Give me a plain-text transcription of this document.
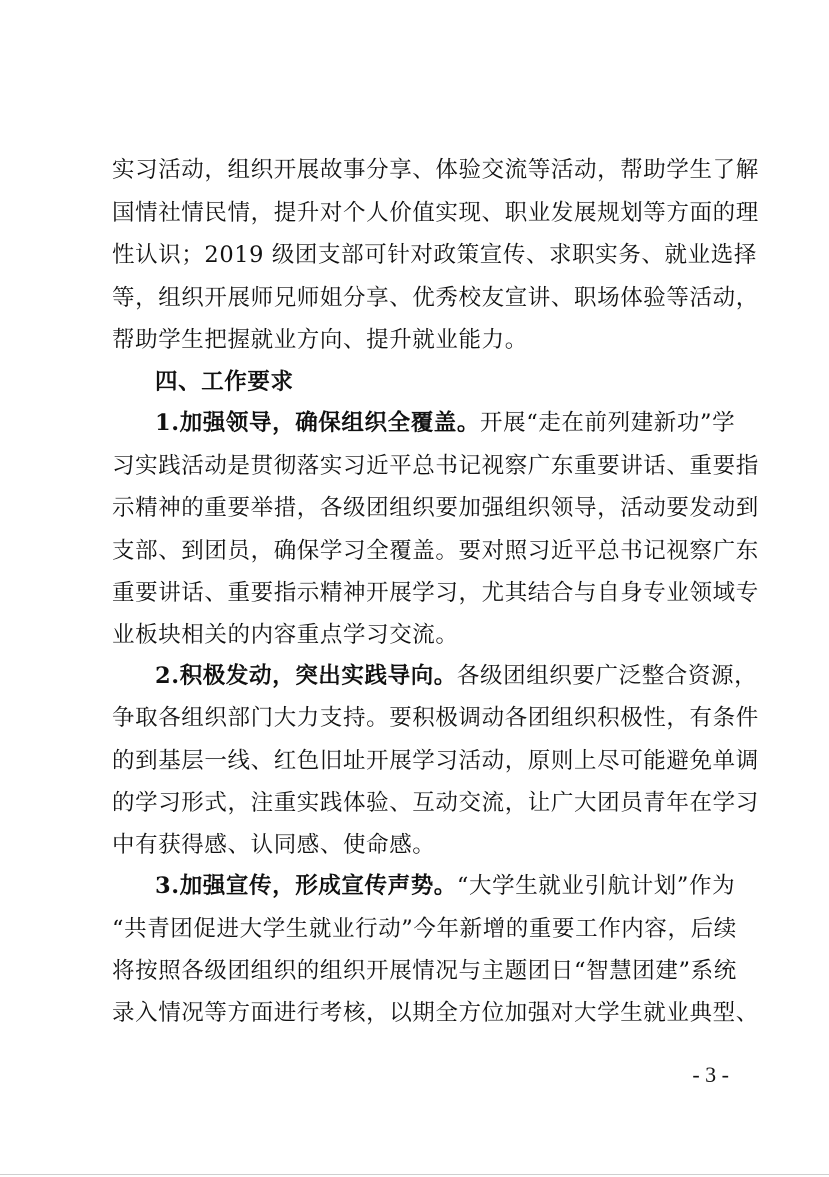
实习活动，组织开展故事分享、体验交流等活动，帮助学生了解
国情社情民情，提升对个人价值实现、职业发展规划等方面的理
性认识；2019 级团支部可针对政策宣传、求职实务、就业选择
等，组织开展师兄师姐分享、优秀校友宣讲、职场体验等活动，
帮助学生把握就业方向、提升就业能力。
四、工作要求
1.加强领导，确保组织全覆盖。开展“走在前列建新功”学
习实践活动是贯彻落实习近平总书记视察广东重要讲话、重要指
示精神的重要举措，各级团组织要加强组织领导，活动要发动到
支部、到团员，确保学习全覆盖。要对照习近平总书记视察广东
重要讲话、重要指示精神开展学习，尤其结合与自身专业领域专
业板块相关的内容重点学习交流。
2.积极发动，突出实践导向。各级团组织要广泛整合资源，
争取各组织部门大力支持。要积极调动各团组织积极性，有条件
的到基层一线、红色旧址开展学习活动，原则上尽可能避免单调
的学习形式，注重实践体验、互动交流，让广大团员青年在学习
中有获得感、认同感、使命感。
3.加强宣传，形成宣传声势。“大学生就业引航计划”作为
“共青团促进大学生就业行动”今年新增的重要工作内容，后续
将按照各级团组织的组织开展情况与主题团日“智慧团建”系统
录入情况等方面进行考核，以期全方位加强对大学生就业典型、
- 3 -
